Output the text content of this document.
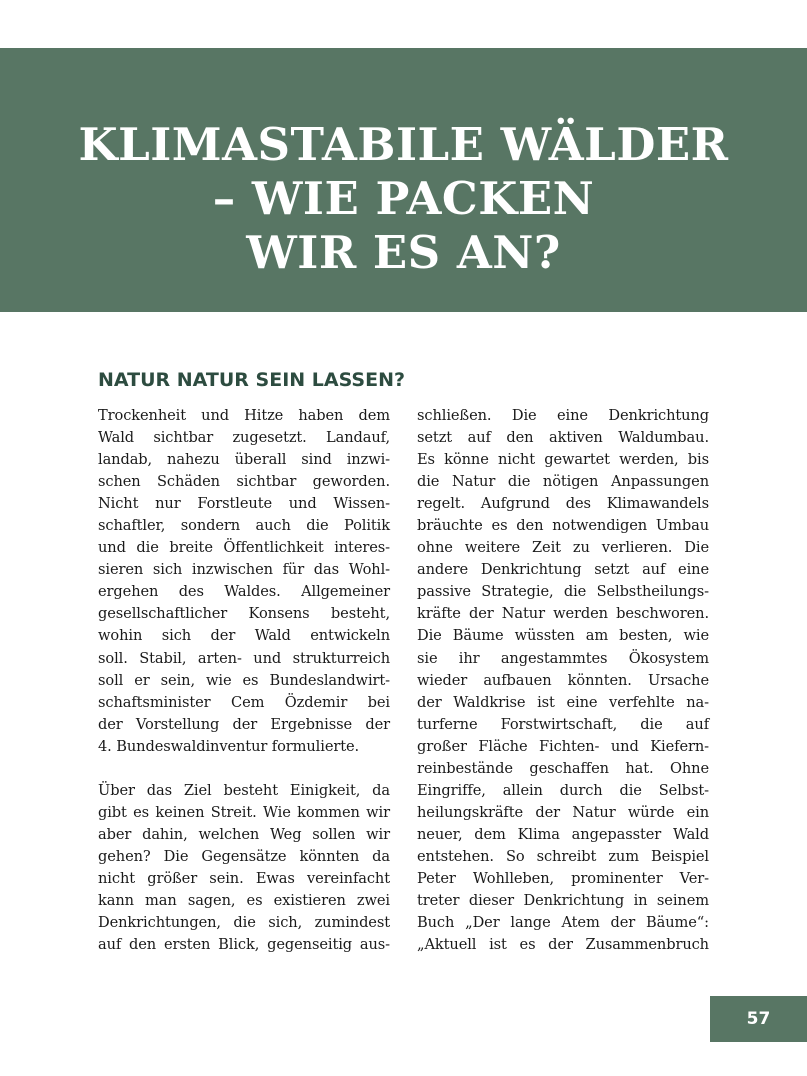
KLIMASTABILE WÄLDER
– WIE PACKEN
WIR ES AN?
NATUR NATUR SEIN LASSEN?
Trockenheit und Hitze haben dem
Wald sichtbar zugesetzt. Landauf,
landab, nahezu überall sind inzwi-
schen Schäden sichtbar geworden.
Nicht nur Forstleute und Wissen-
schaftler, sondern auch die Politik
und die breite Öffentlichkeit interes-
sieren sich inzwischen für das Wohl-
ergehen des Waldes. Allgemeiner
gesellschaftlicher Konsens besteht,
wohin sich der Wald entwickeln
soll. Stabil, arten- und strukturreich
soll er sein, wie es Bundeslandwirt-
schaftsminister Cem Özdemir bei
der Vorstellung der Ergebnisse der
4. Bundeswaldinventur formulierte.
Über das Ziel besteht Einigkeit, da
gibt es keinen Streit. Wie kommen wir
aber dahin, welchen Weg sollen wir
gehen? Die Gegensätze könnten da
nicht größer sein. Ewas vereinfacht
kann man sagen, es existieren zwei
Denkrichtungen, die sich, zumindest
auf den ersten Blick, gegenseitig aus-
schließen. Die eine Denkrichtung
setzt auf den aktiven Waldumbau.
Es könne nicht gewartet werden, bis
die Natur die nötigen Anpassungen
regelt. Aufgrund des Klimawandels
bräuchte es den notwendigen Umbau
ohne weitere Zeit zu verlieren. Die
andere Denkrichtung setzt auf eine
passive Strategie, die Selbstheilungs-
kräfte der Natur werden beschworen.
Die Bäume wüssten am besten, wie
sie ihr angestammtes Ökosystem
wieder aufbauen könnten. Ursache
der Waldkrise ist eine verfehlte na-
turferne Forstwirtschaft, die auf
großer Fläche Fichten- und Kiefern-
reinbestände geschaffen hat. Ohne
Eingriffe, allein durch die Selbst-
heilungskräfte der Natur würde ein
neuer, dem Klima angepasster Wald
entstehen. So schreibt zum Beispiel
Peter Wohlleben, prominenter Ver-
treter dieser Denkrichtung in seinem
Buch „Der lange Atem der Bäume“:
„Aktuell ist es der Zusammenbruch
57
